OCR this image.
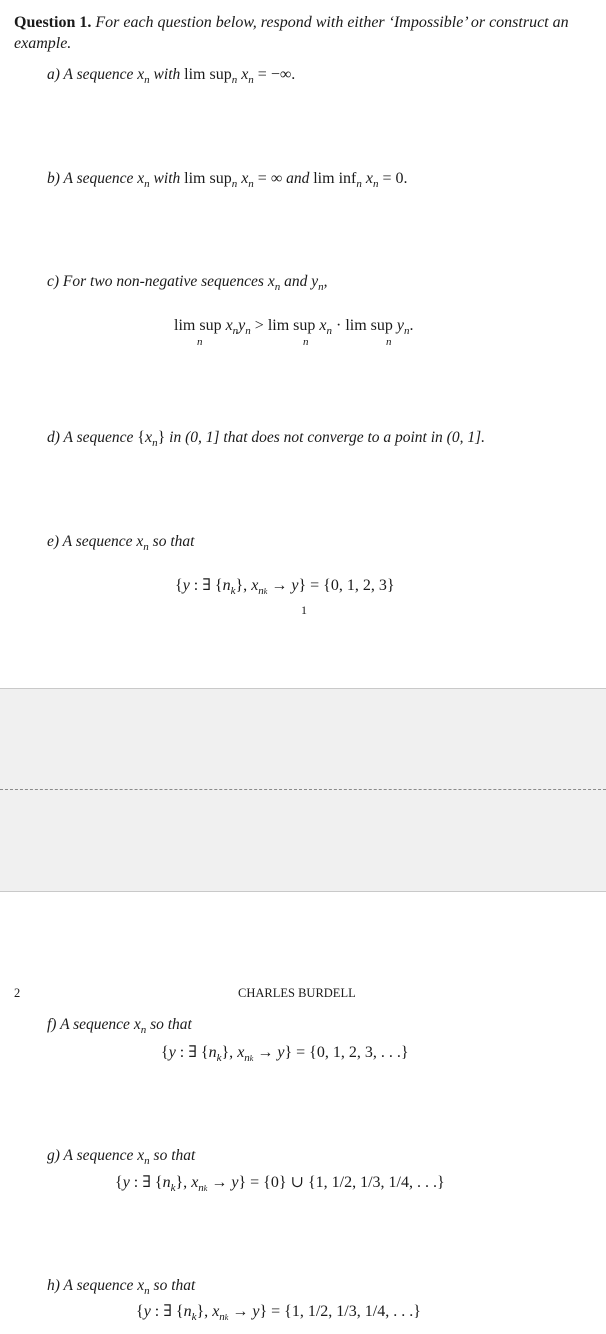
Question 1. For each question below, respond with either ‘Impossible’ or construct an example.
a) A sequence $x_n$ with lim sup$_n$ $x_n$ = −∞.
b) A sequence $x_n$ with lim sup$_n$ $x_n$ = ∞ and lim inf$_n$ $x_n = 0$.
c) For two non-negative sequences $x_n$ and $y_n$,
lim sup $x_ny_n > \lim$ sup $x_n \cdot \lim$ sup $y_n$.
n	n	n
d) A sequence $\{x_n\}$ in (0, 1] that does not converge to a point in (0, 1].
e) A sequence $x_n$ so that
{y : ∃ $\{n_k\}$, $x_{nk} \to y\} = \{0$, 1, 2, 3}
1
2	CHARLES BURDELL
f) A sequence $x_n$ so that
{y : ∃ $\{n_k\}$, $x_{nk} \to y\} = \{0$, 1, 2, 3, . . .}
g) A sequence $x_n$ so that
{y : ∃ $\{n_k\}$, $x_{nk} \to y\} = \{0\}$ ∪ {1, 1/2, 1/3, 1/4, . . .}
h) A sequence $x_n$ so that
{y : ∃ $\{n_k\}$, $x_{nk} \to y\} = \{1$, 1/2, 1/3, 1/4, . . .}
